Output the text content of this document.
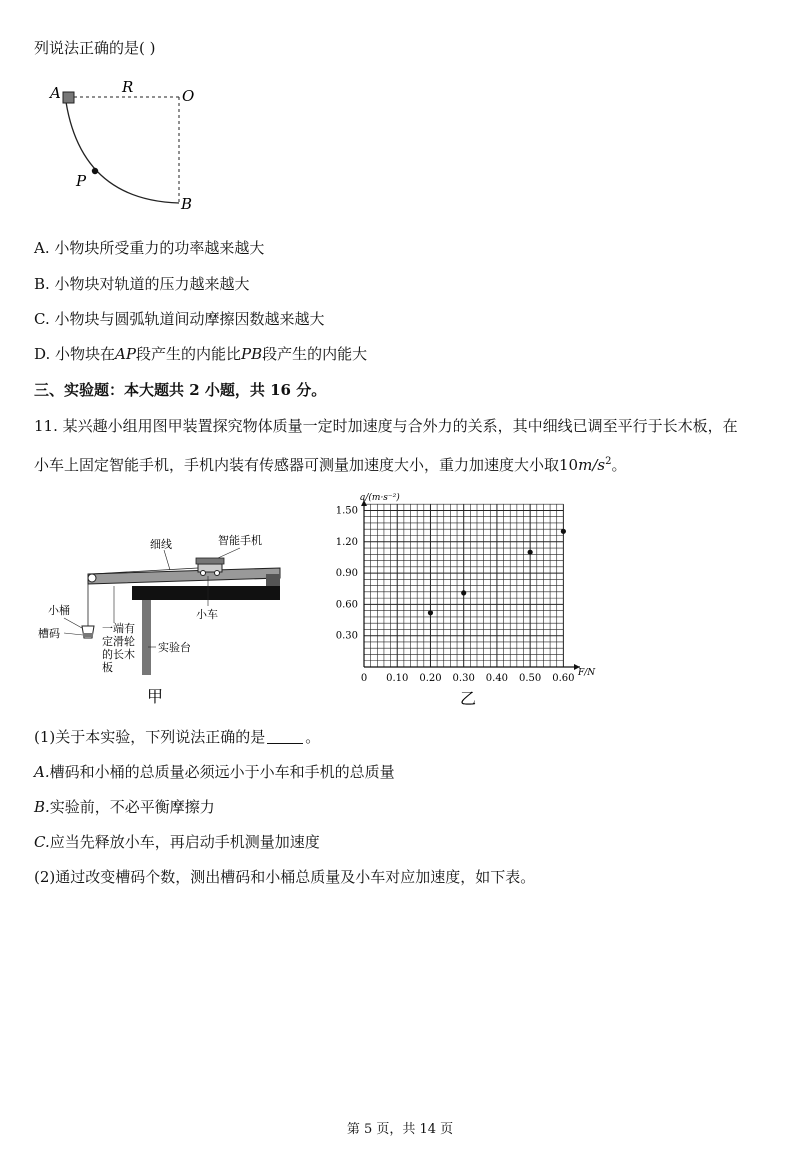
列说法正确的是( )
A	R	O
P
B
A. 小物块所受重力的功率越来越大
B. 小物块对轨道的压力越来越大
C. 小物块与圆弧轨道间动摩擦因数越来越大
D. 小物块在AP段产生的内能比PB段产生的内能大
三、实验题：本大题共 2 小题，共 16 分。
11. 某兴趣小组用图甲装置探究物体质量一定时加速度与合外力的关系，其中细线已调至平行于长木板，在
小车上固定智能手机，手机内装有传感器可测量加速度大小，重力加速度大小取$10m/s^2$。
细线	智能手机
小车
小桶
槽码	一端有
定滑轮
的长木
板
实验台
甲
0 0.10 0.20 0.30 0.40 0.50 0.60
0.30
0.60
0.90
1.20
1.50
a/(m·s⁻²)
F/N
乙
(1)关于本实验，下列说法正确的是	。
A.槽码和小桶的总质量必须远小于小车和手机的总质量
B.实验前，不必平衡摩擦力
C.应当先释放小车，再启动手机测量加速度
(2)通过改变槽码个数，测出槽码和小桶总质量及小车对应加速度，如下表。
第 5 页，共 14 页
